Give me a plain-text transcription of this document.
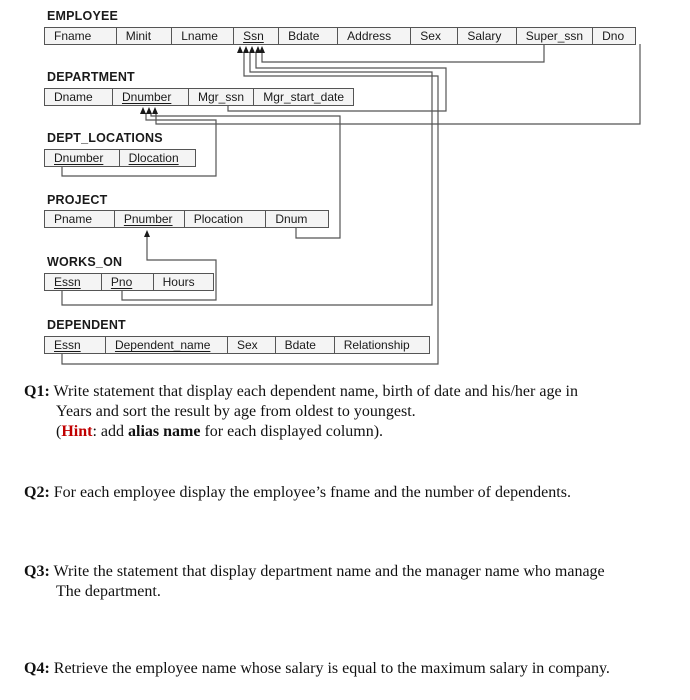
EMPLOYEE
Fname	Minit	Lname	Ssn	Bdate	Address	Sex	Salary	Super_ssn	Dno
DEPARTMENT
Dname	Dnumber	Mgr_ssn	Mgr_start_date
DEPT_LOCATIONS
Dnumber	Dlocation
PROJECT
Pname	Pnumber	Plocation	Dnum
WORKS_ON
Essn	Pno	Hours
DEPENDENT
Essn	Dependent_name	Sex	Bdate	Relationship
Q1: Write statement that display each dependent name, birth of date and his/her age in
Years and sort the result by age from oldest to youngest.
(Hint: add alias name for each displayed column).
Q2: For each employee display the employee’s fname and the number of dependents.
Q3: Write the statement that display department name and the manager name who manage
The department.
Q4: Retrieve the employee name whose salary is equal to the maximum salary in company.
